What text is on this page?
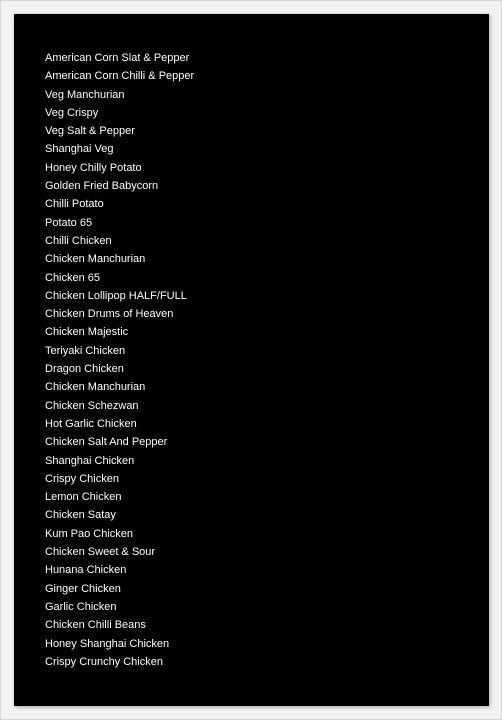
American Corn Slat & Pepper
American Corn Chilli & Pepper
Veg Manchurian
Veg Crispy
Veg Salt & Pepper
Shanghai Veg
Honey Chilly Potato
Golden Fried Babycorn
Chilli Potato
Potato 65
Chilli Chicken
Chicken Manchurian
Chicken 65
Chicken Lollipop HALF/FULL
Chicken Drums of Heaven
Chicken Majestic
Teriyaki Chicken
Dragon Chicken
Chicken Manchurian
Chicken Schezwan
Hot Garlic Chicken
Chicken Salt And Pepper
Shanghai Chicken
Crispy Chicken
Lemon Chicken
Chicken Satay
Kum Pao Chicken
Chicken Sweet & Sour
Hunana Chicken
Ginger Chicken
Garlic Chicken
Chicken Chilli Beans
Honey Shanghai Chicken
Crispy Crunchy Chicken
